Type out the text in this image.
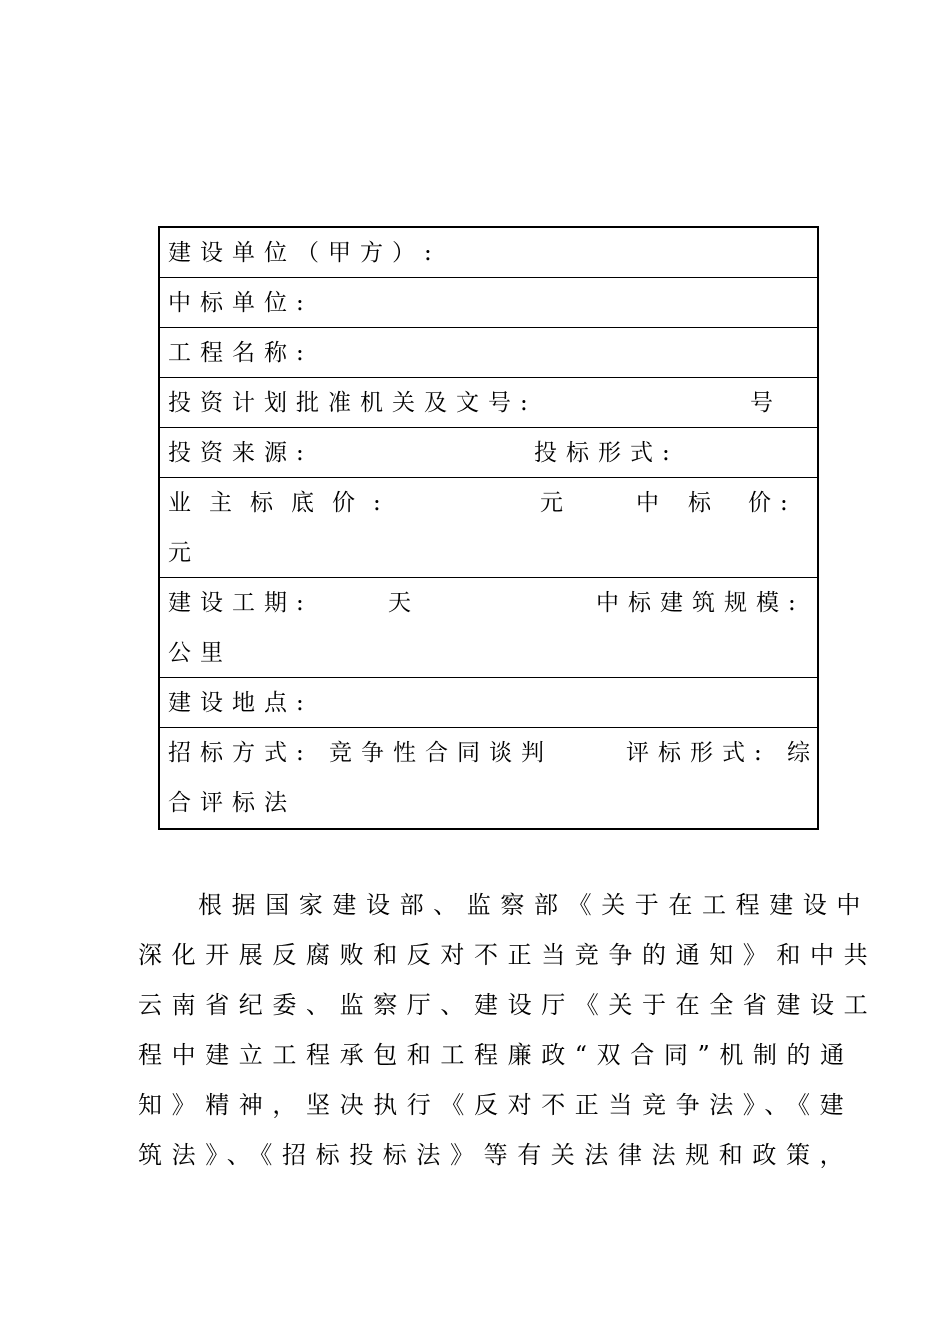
建设单位（甲方）:
中标单位:
工程名称:
投资计划批准机关及文号:	号
投资来源:	投标形式:
业主标底价:	元	中 标 价:
元
建设工期:	天	中标建筑规模:
公里
建设地点:
招标方式: 竞争性合同谈判	评标形式: 综
合评标法
根据国家建设部、监察部《关于在工程建设中
深化开展反腐败和反对不正当竞争的通知》和中共
云南省纪委、监察厅、建设厅《关于在全省建设工
程中建立工程承包和工程廉政“双合同”机制的通
知》精神，坚决执行《反对不正当竞争法》、《建
筑法》、《招标投标法》等有关法律法规和政策，
